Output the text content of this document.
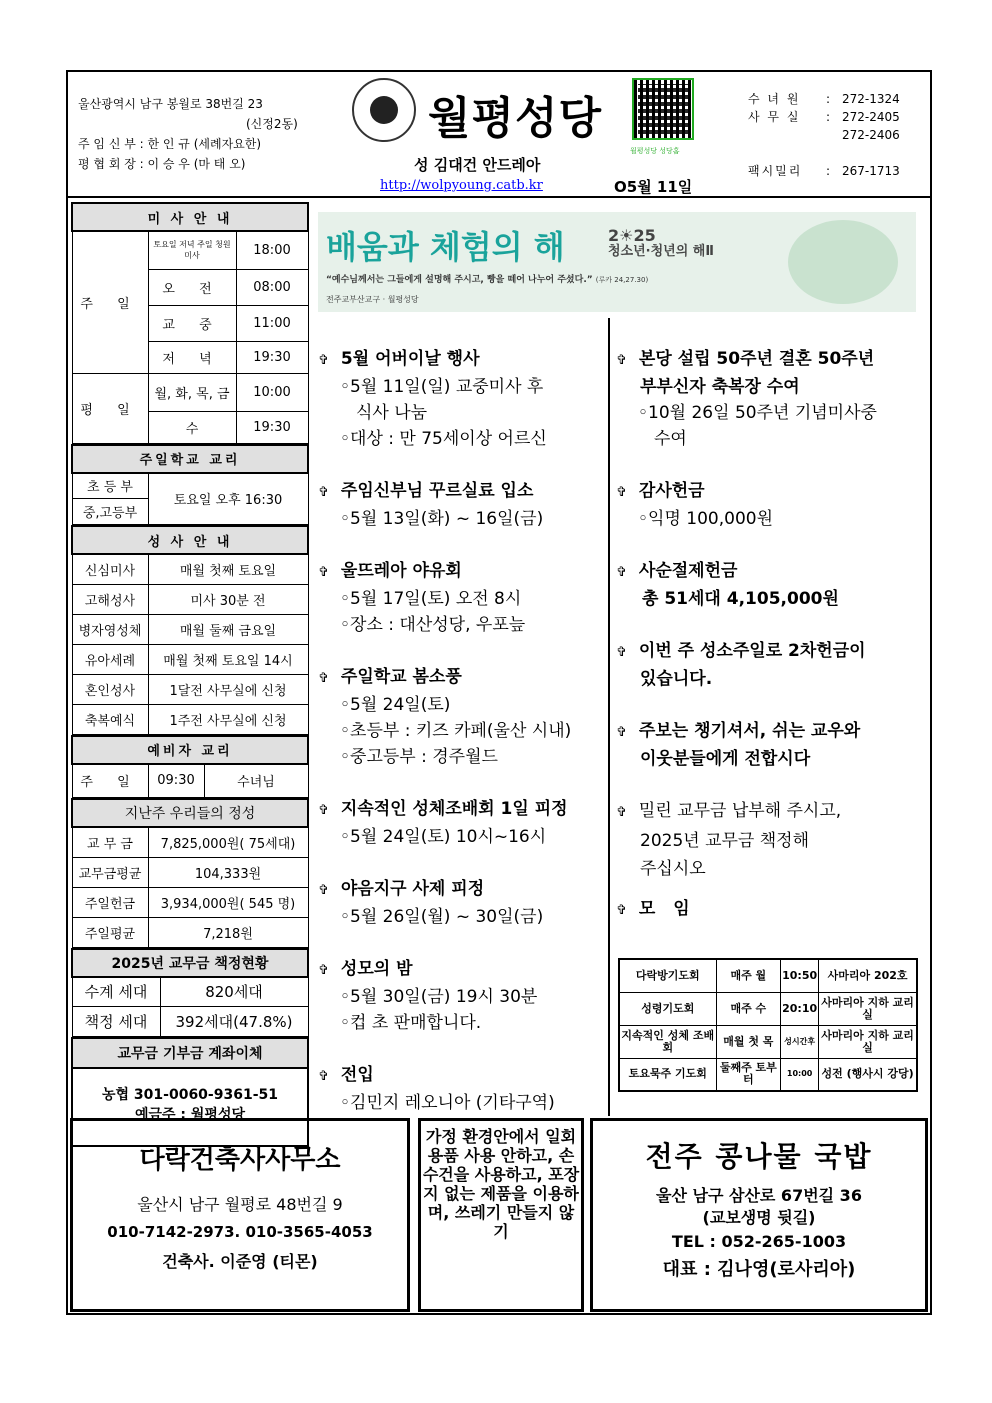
울산광역시 남구 봉월로 38번길 23
(신정2동)
주 임 신 부 : 한 인 규 (세례자요한)
평 협 회 장 : 이 승 우 (마 태 오)
월평성당
성 김대건 안드레아
http://wolpyoung.catb.kr	O5월 11일
월평성당 성당홈
수 녀 원	: 272-1324
사 무 실	: 272-2405
272-2406
팩시밀리	: 267-1713
미 사 안 내		
주 일	토요일 저녁 주일 청원미사	18:00
	오 전	08:00
	교 중	11:00
	저 녁	19:30
평 일	월, 화, 목, 금	10:00
	수	19:30
주일학교 교리
초 등 부	토요일 오후 16:30
중,고등부
성 사 안 내	
신심미사	매월 첫째 토요일
고해성사	미사 30분 전
병자영성체	매월 둘째 금요일
유아세례	매월 첫째 토요일 14시
혼인성사	1달전 사무실에 신청
축복예식	1주전 사무실에 신청
예비자 교리
주 일	09:30	수녀님
지난주 우리들의 정성	
교 무 금	7,825,000원( 75세대)
교무금평균	104,333원
주일헌금	3,934,000원( 545 명)
주일평균	7,218원
2025년 교무금 책정현황	
수계 세대	820세대
책정 세대	392세대(47.8%)
교무금 기부금 계좌이체
농협 301-0060-9361-51
예금주 : 월평성당
배움과 체험의 해	2☀25
청소년·청년의 해Ⅱ
“예수님께서는 그들에게 설명해 주시고, 빵을 떼어 나누어 주셨다.” (루카 24,27.30)
전주교부산교구 · 월평성당
✞ 5월 어버이날 행사
◦5월 11일(일) 교중미사 후
식사 나눔
◦대상 : 만 75세이상 어르신
✞ 주임신부님 꾸르실료 입소
◦5월 13일(화) ~ 16일(금)
✞ 울뜨레아 야유회
◦5월 17일(토) 오전 8시
◦장소 : 대산성당, 우포늪
✞ 주일학교 봄소풍
◦5월 24일(토)
◦초등부 : 키즈 카페(울산 시내)
◦중고등부 : 경주월드
✞ 지속적인 성체조배회 1일 피정
◦5월 24일(토) 10시~16시
✞ 야음지구 사제 피정
◦5월 26일(월) ~ 30일(금)
✞ 성모의 밤
◦5월 30일(금) 19시 30분
◦컵 초 판매합니다.
✞ 전입
◦김민지 레오니아 (기타구역)
✞ 본당 설립 50주년 결혼 50주년
부부신자 축복장 수여
◦10월 26일 50주년 기념미사중
수여
✞ 감사헌금
◦익명 100,000원
✞ 사순절제헌금
총 51세대 4,105,000원
✞ 이번 주 성소주일로 2차헌금이
있습니다.
✞ 주보는 챙기셔서, 쉬는 교우와
이웃분들에게 전합시다
✞ 밀린 교무금 납부해 주시고,
2025년 교무금 책정해
주십시오
✞ 모 임
다락방기도회	매주 월	10:50	사마리아 202호
성령기도회	매주 수	20:10	사마리아 지하 교리실
지속적인 성체 조배회	매월 첫 목	성시간후	사마리아 지하 교리실
토요묵주 기도회	둘째주 토부터	10:00	성전 (행사시 강당)
다락건축사사무소
울산시 남구 월평로 48번길 9
010-7142-2973. 010-3565-4053
건축사. 이준영 (티몬)
가정 환경안에서 일회용품 사용 안하고, 손수건을 사용하고, 포장지 없는 제품을 이용하며, 쓰레기 만들지 않기
전주 콩나물 국밥
울산 남구 삼산로 67번길 36
(교보생명 뒷길)
TEL : 052-265-1003
대표 : 김나영(로사리아)
